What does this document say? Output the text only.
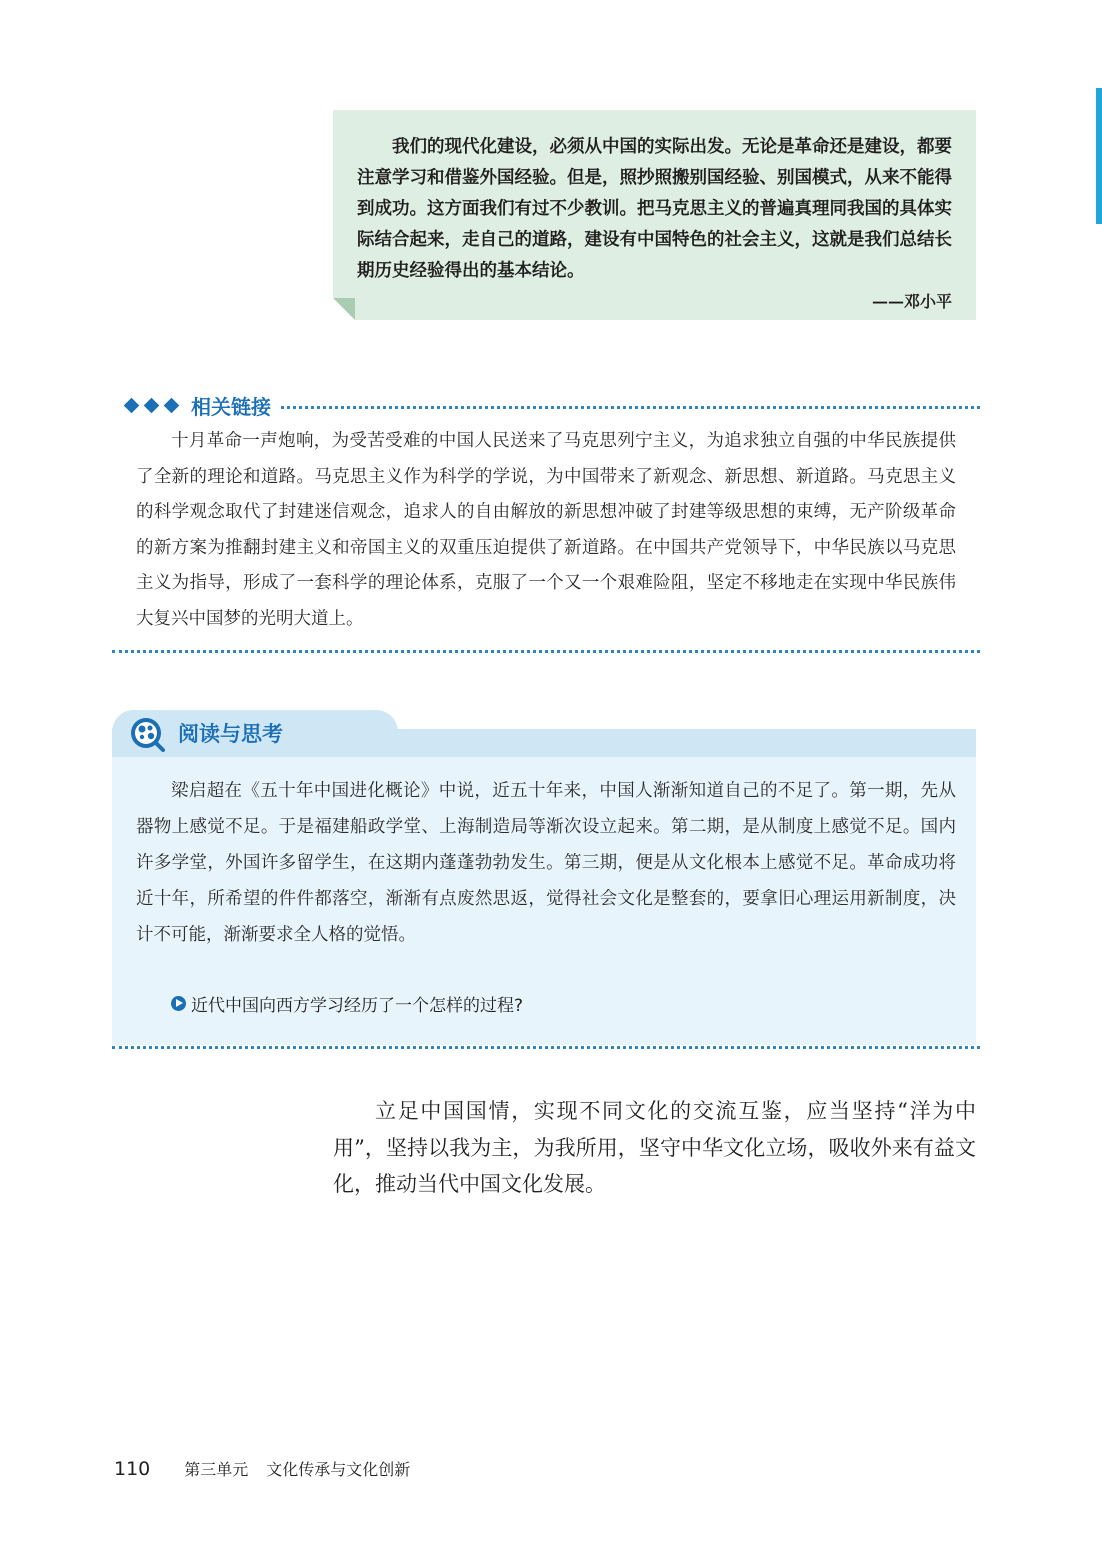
我们的现代化建设，必须从中国的实际出发。无论是革命还是建设，都要注意学习和借鉴外国经验。但是，照抄照搬别国经验、别国模式，从来不能得到成功。这方面我们有过不少教训。把马克思主义的普遍真理同我国的具体实际结合起来，走自己的道路，建设有中国特色的社会主义，这就是我们总结长期历史经验得出的基本结论。

——邓小平
相关链接

十月革命一声炮响，为受苦受难的中国人民送来了马克思列宁主义，为追求独立自强的中华民族提供了全新的理论和道路。马克思主义作为科学的学说，为中国带来了新观念、新思想、新道路。马克思主义的科学观念取代了封建迷信观念，追求人的自由解放的新思想冲破了封建等级思想的束缚，无产阶级革命的新方案为推翻封建主义和帝国主义的双重压迫提供了新道路。在中国共产党领导下，中华民族以马克思主义为指导，形成了一套科学的理论体系，克服了一个又一个艰难险阻，坚定不移地走在实现中华民族伟大复兴中国梦的光明大道上。

阅读与思考

梁启超在《五十年中国进化概论》中说，近五十年来，中国人渐渐知道自己的不足了。第一期，先从器物上感觉不足。于是福建船政学堂、上海制造局等渐次设立起来。第二期，是从制度上感觉不足。国内许多学堂，外国许多留学生，在这期内蓬蓬勃勃发生。第三期，便是从文化根本上感觉不足。革命成功将近十年，所希望的件件都落空，渐渐有点废然思返，觉得社会文化是整套的，要拿旧心理运用新制度，决计不可能，渐渐要求全人格的觉悟。

近代中国向西方学习经历了一个怎样的过程?

立足中国国情，实现不同文化的交流互鉴，应当坚持“洋为中用”，坚持以我为主，为我所用，坚守中华文化立场，吸收外来有益文化，推动当代中国文化发展。

110 第三单元 文化传承与文化创新
